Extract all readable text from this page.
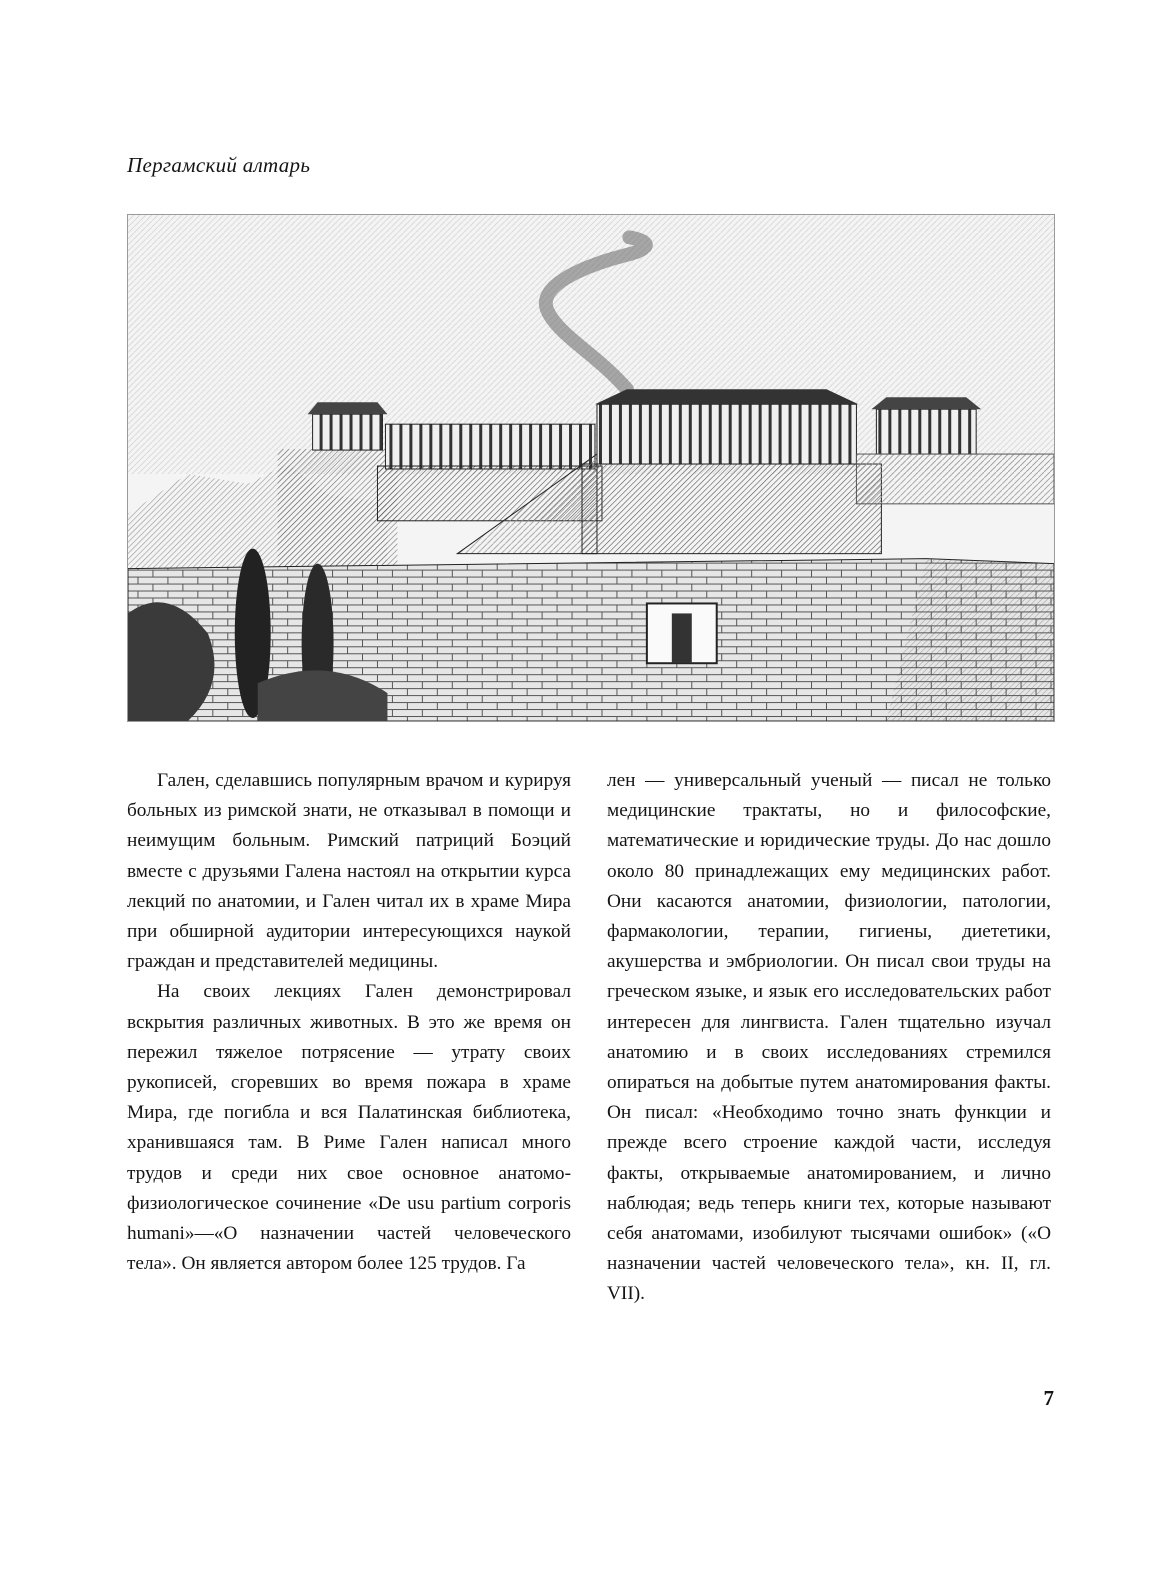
Пергамский алтарь

Гален, сделавшись популярным врачом и курируя больных из римской знати, не отказывал в помощи и неимущим больным. Римский патриций Боэций вместе с друзьями Галена настоял на открытии курса лекций по анатомии, и Гален читал их в храме Мира при обширной аудитории интересующихся наукой граждан и представителей медицины.

На своих лекциях Гален демонстрировал вскрытия различных животных. В это же время он пережил тяжелое потрясение — утрату своих рукописей, сгоревших во время пожара в храме Мира, где погибла и вся Палатинская библиотека, хранившаяся там. В Риме Гален написал много трудов и среди них свое основное анатомо-физиологическое сочинение «De usu partium corporis humani»—«О назначении частей человеческого тела». Он является автором более 125 трудов. Га

лен — универсальный ученый — писал не только медицинские трактаты, но и философские, математические и юридические труды. До нас дошло около 80 принадлежащих ему медицинских работ. Они касаются анатомии, физиологии, патологии, фармакологии, терапии, гигиены, диететики, акушерства и эмбриологии. Он писал свои труды на греческом языке, и язык его исследовательских работ интересен для лингвиста. Гален тщательно изучал анатомию и в своих исследованиях стремился опираться на добытые путем анатомирования факты. Он писал: «Необходимо точно знать функции и прежде всего строение каждой части, исследуя факты, открываемые анатомированием, и лично наблюдая; ведь теперь книги тех, которые называют себя анатомами, изобилуют тысячами ошибок» («О назначении частей человеческого тела», кн. II, гл. VII).

7
